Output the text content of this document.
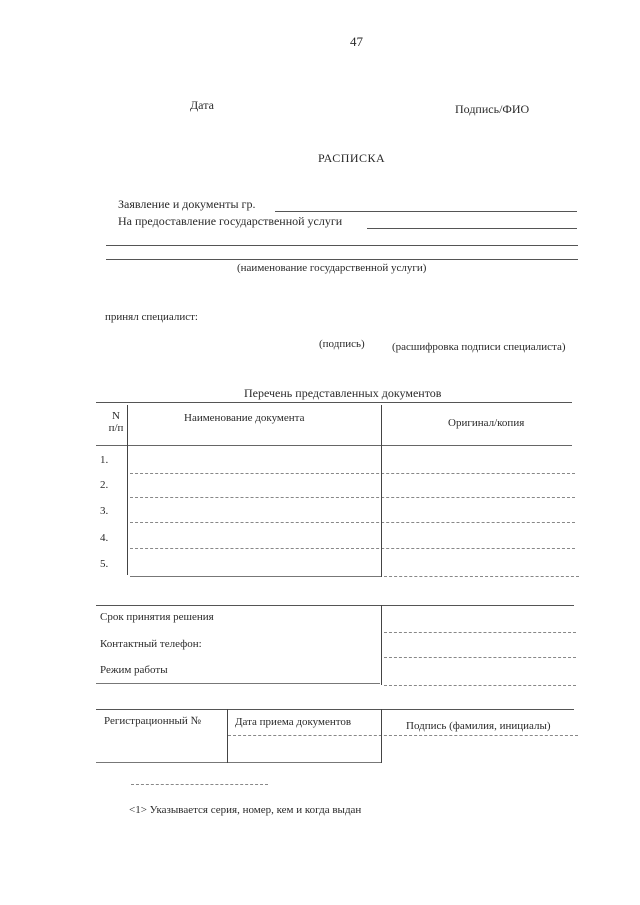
47
Дата	Подпись/ФИО
РАСПИСКА
Заявление и документы гр.
На предоставление государственной услуги
(наименование государственной услуги)
принял специалист:
(подпись) (расшифровка подписи специалиста)
Перечень представленных документов
N
п/п
Наименование документа	Оригинал/копия
1.
2.
3.
4.
5.
Срок принятия решения
Контактный телефон:
Режим работы
Регистрационный №	Дата приема документов	Подпись (фамилия, инициалы)
<1> Указывается серия, номер, кем и когда выдан
